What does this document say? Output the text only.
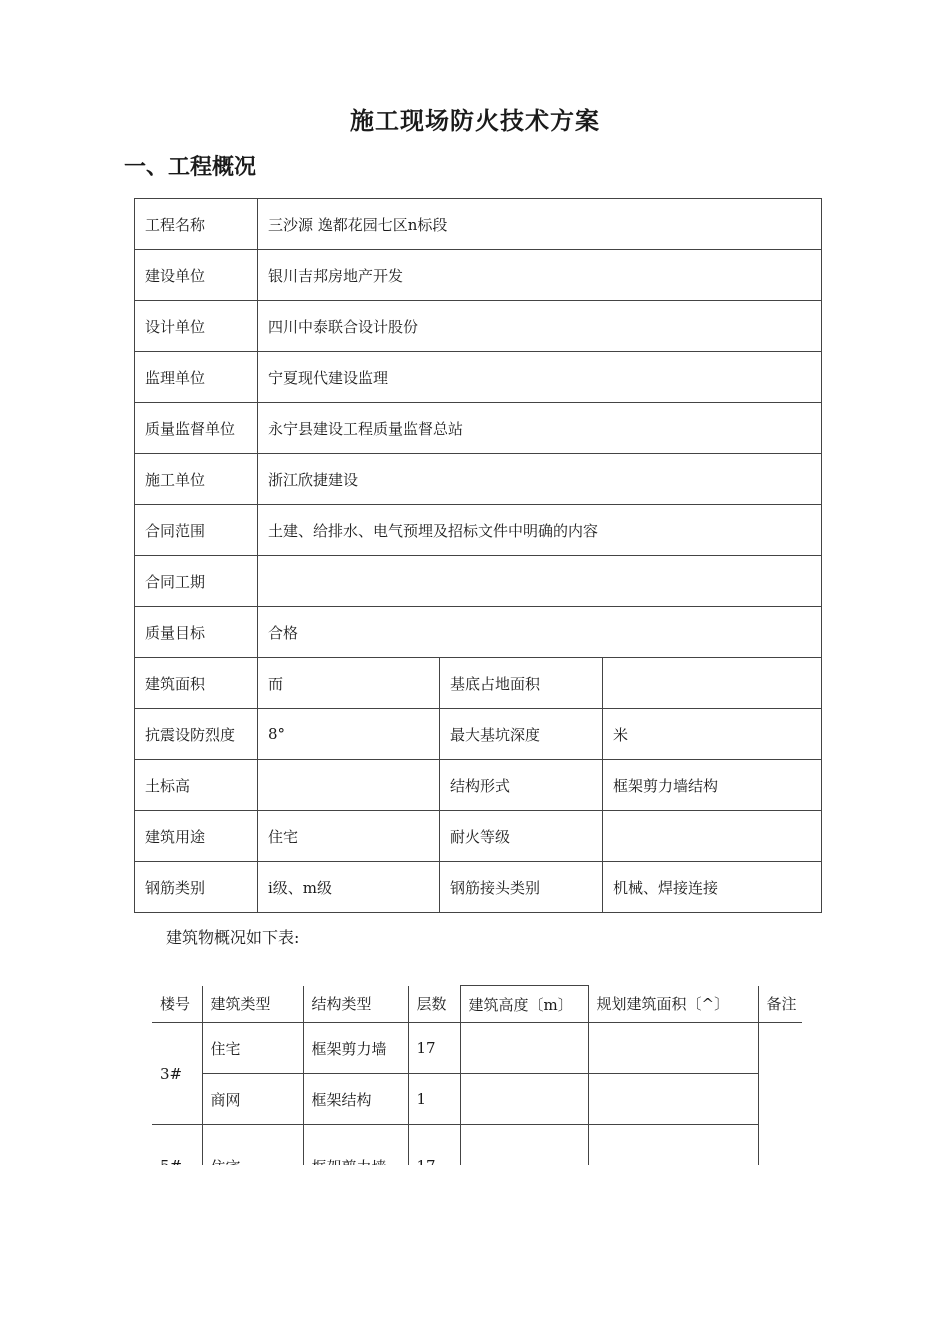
施工现场防火技术方案
一、工程概况
工程名称	三沙源 逸都花园七区n标段		
建设单位	银川吉邦房地产开发		
设计单位	四川中泰联合设计股份		
监理单位	宁夏现代建设监理		
质量监督单位	永宁县建设工程质量监督总站		
施工单位	浙江欣捷建设		
合同范围	土建、给排水、电气预埋及招标文件中明确的内容		
合同工期			
质量目标	合格		
建筑面积	而	基底占地面积	
抗震设防烈度	8°	最大基坑深度	米
土标高		结构形式	框架剪力墙结构
建筑用途	住宅	耐火等级	
钢筋类别	i级、m级	钢筋接头类别	机械、焊接连接
建筑物概况如下表:
楼号	建筑类型	结构类型	层数	建筑高度〔m〕	规划建筑面积〔^〕	备注
3#	住宅	框架剪力墙	17			
	商网	框架结构	1			
